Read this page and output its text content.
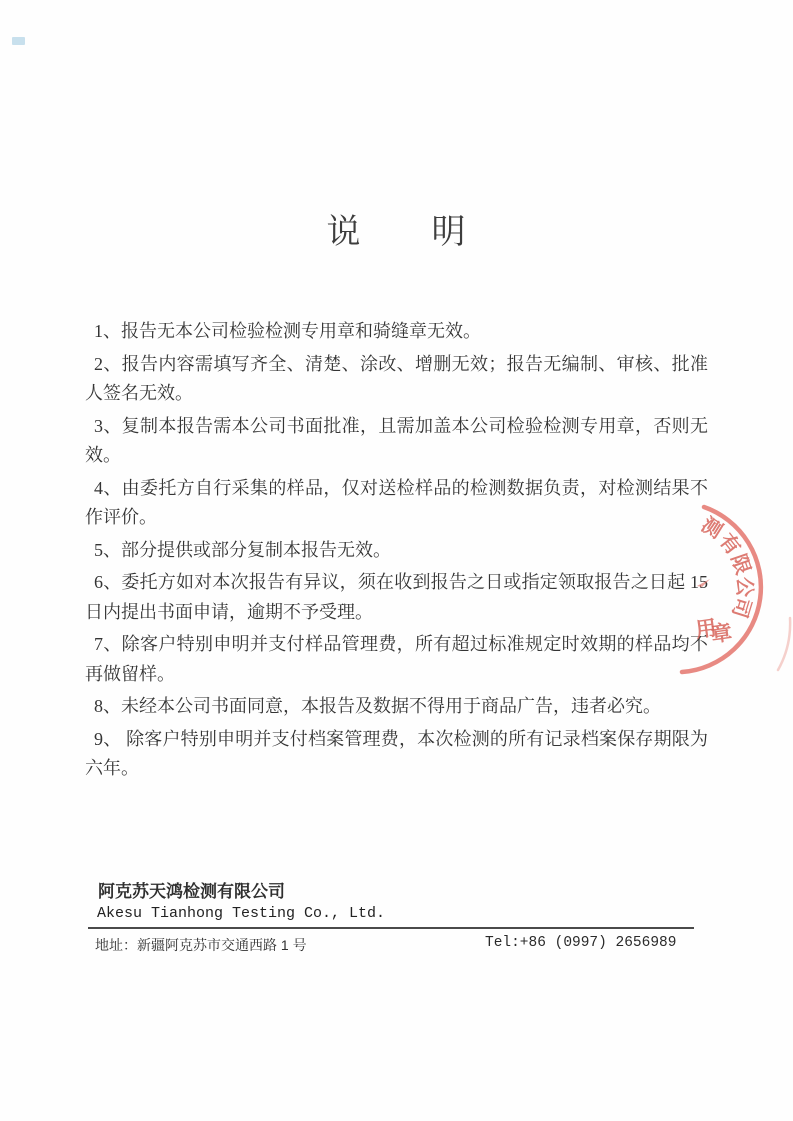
说　　明

1、报告无本公司检验检测专用章和骑缝章无效。

2、报告内容需填写齐全、清楚、涂改、增删无效；报告无编制、审核、批准人签名无效。

3、复制本报告需本公司书面批准，且需加盖本公司检验检测专用章，否则无效。

4、由委托方自行采集的样品，仅对送检样品的检测数据负责，对检测结果不作评价。

5、部分提供或部分复制本报告无效。

6、委托方如对本次报告有异议，须在收到报告之日或指定领取报告之日起 15 日内提出书面申请，逾期不予受理。

7、除客户特别申明并支付样品管理费，所有超过标准规定时效期的样品均不再做留样。

8、未经本公司书面同意，本报告及数据不得用于商品广告，违者必究。

9、 除客户特别申明并支付档案管理费，本次检测的所有记录档案保存期限为六年。

测
有
限
公
司
用
章
阿克苏天鸿检测有限公司
Akesu Tianhong Testing Co., Ltd.
地址：新疆阿克苏市交通西路 1 号	Tel:+86 (0997) 2656989
